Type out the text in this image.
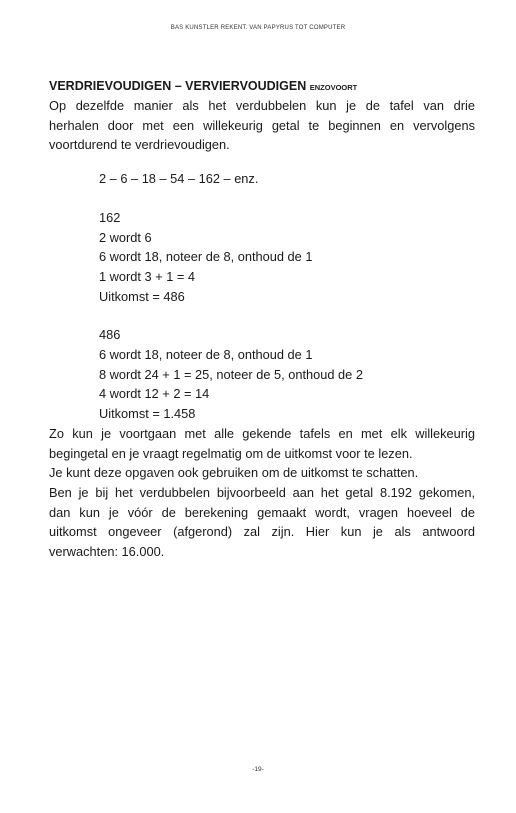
BAS KUNSTLER REKENT. VAN PAPYRUS TOT COMPUTER
VERDRIEVOUDIGEN – VERVIERVOUDIGEN ENZOVOORT

Op dezelfde manier als het verdubbelen kun je de tafel van drie
herhalen door met een willekeurig getal te beginnen en vervolgens
voortdurend te verdrievoudigen.

2 – 6 – 18 – 54 – 162 – enz.
162
2 wordt 6
6 wordt 18, noteer de 8, onthoud de 1
1 wordt 3 + 1 = 4
Uitkomst = 486
486
6 wordt 18, noteer de 8, onthoud de 1
8 wordt 24 + 1 = 25, noteer de 5, onthoud de 2
4 wordt 12 + 2 = 14
Uitkomst = 1.458

Zo kun je voortgaan met alle gekende tafels en met elk willekeurig
begingetal en je vraagt regelmatig om de uitkomst voor te lezen.

Je kunt deze opgaven ook gebruiken om de uitkomst te schatten.
Ben je bij het verdubbelen bijvoorbeeld aan het getal 8.192 gekomen,
dan kun je vóór de berekening gemaakt wordt, vragen hoeveel de
uitkomst ongeveer (afgerond) zal zijn. Hier kun je als antwoord
verwachten: 16.000.

-19-
